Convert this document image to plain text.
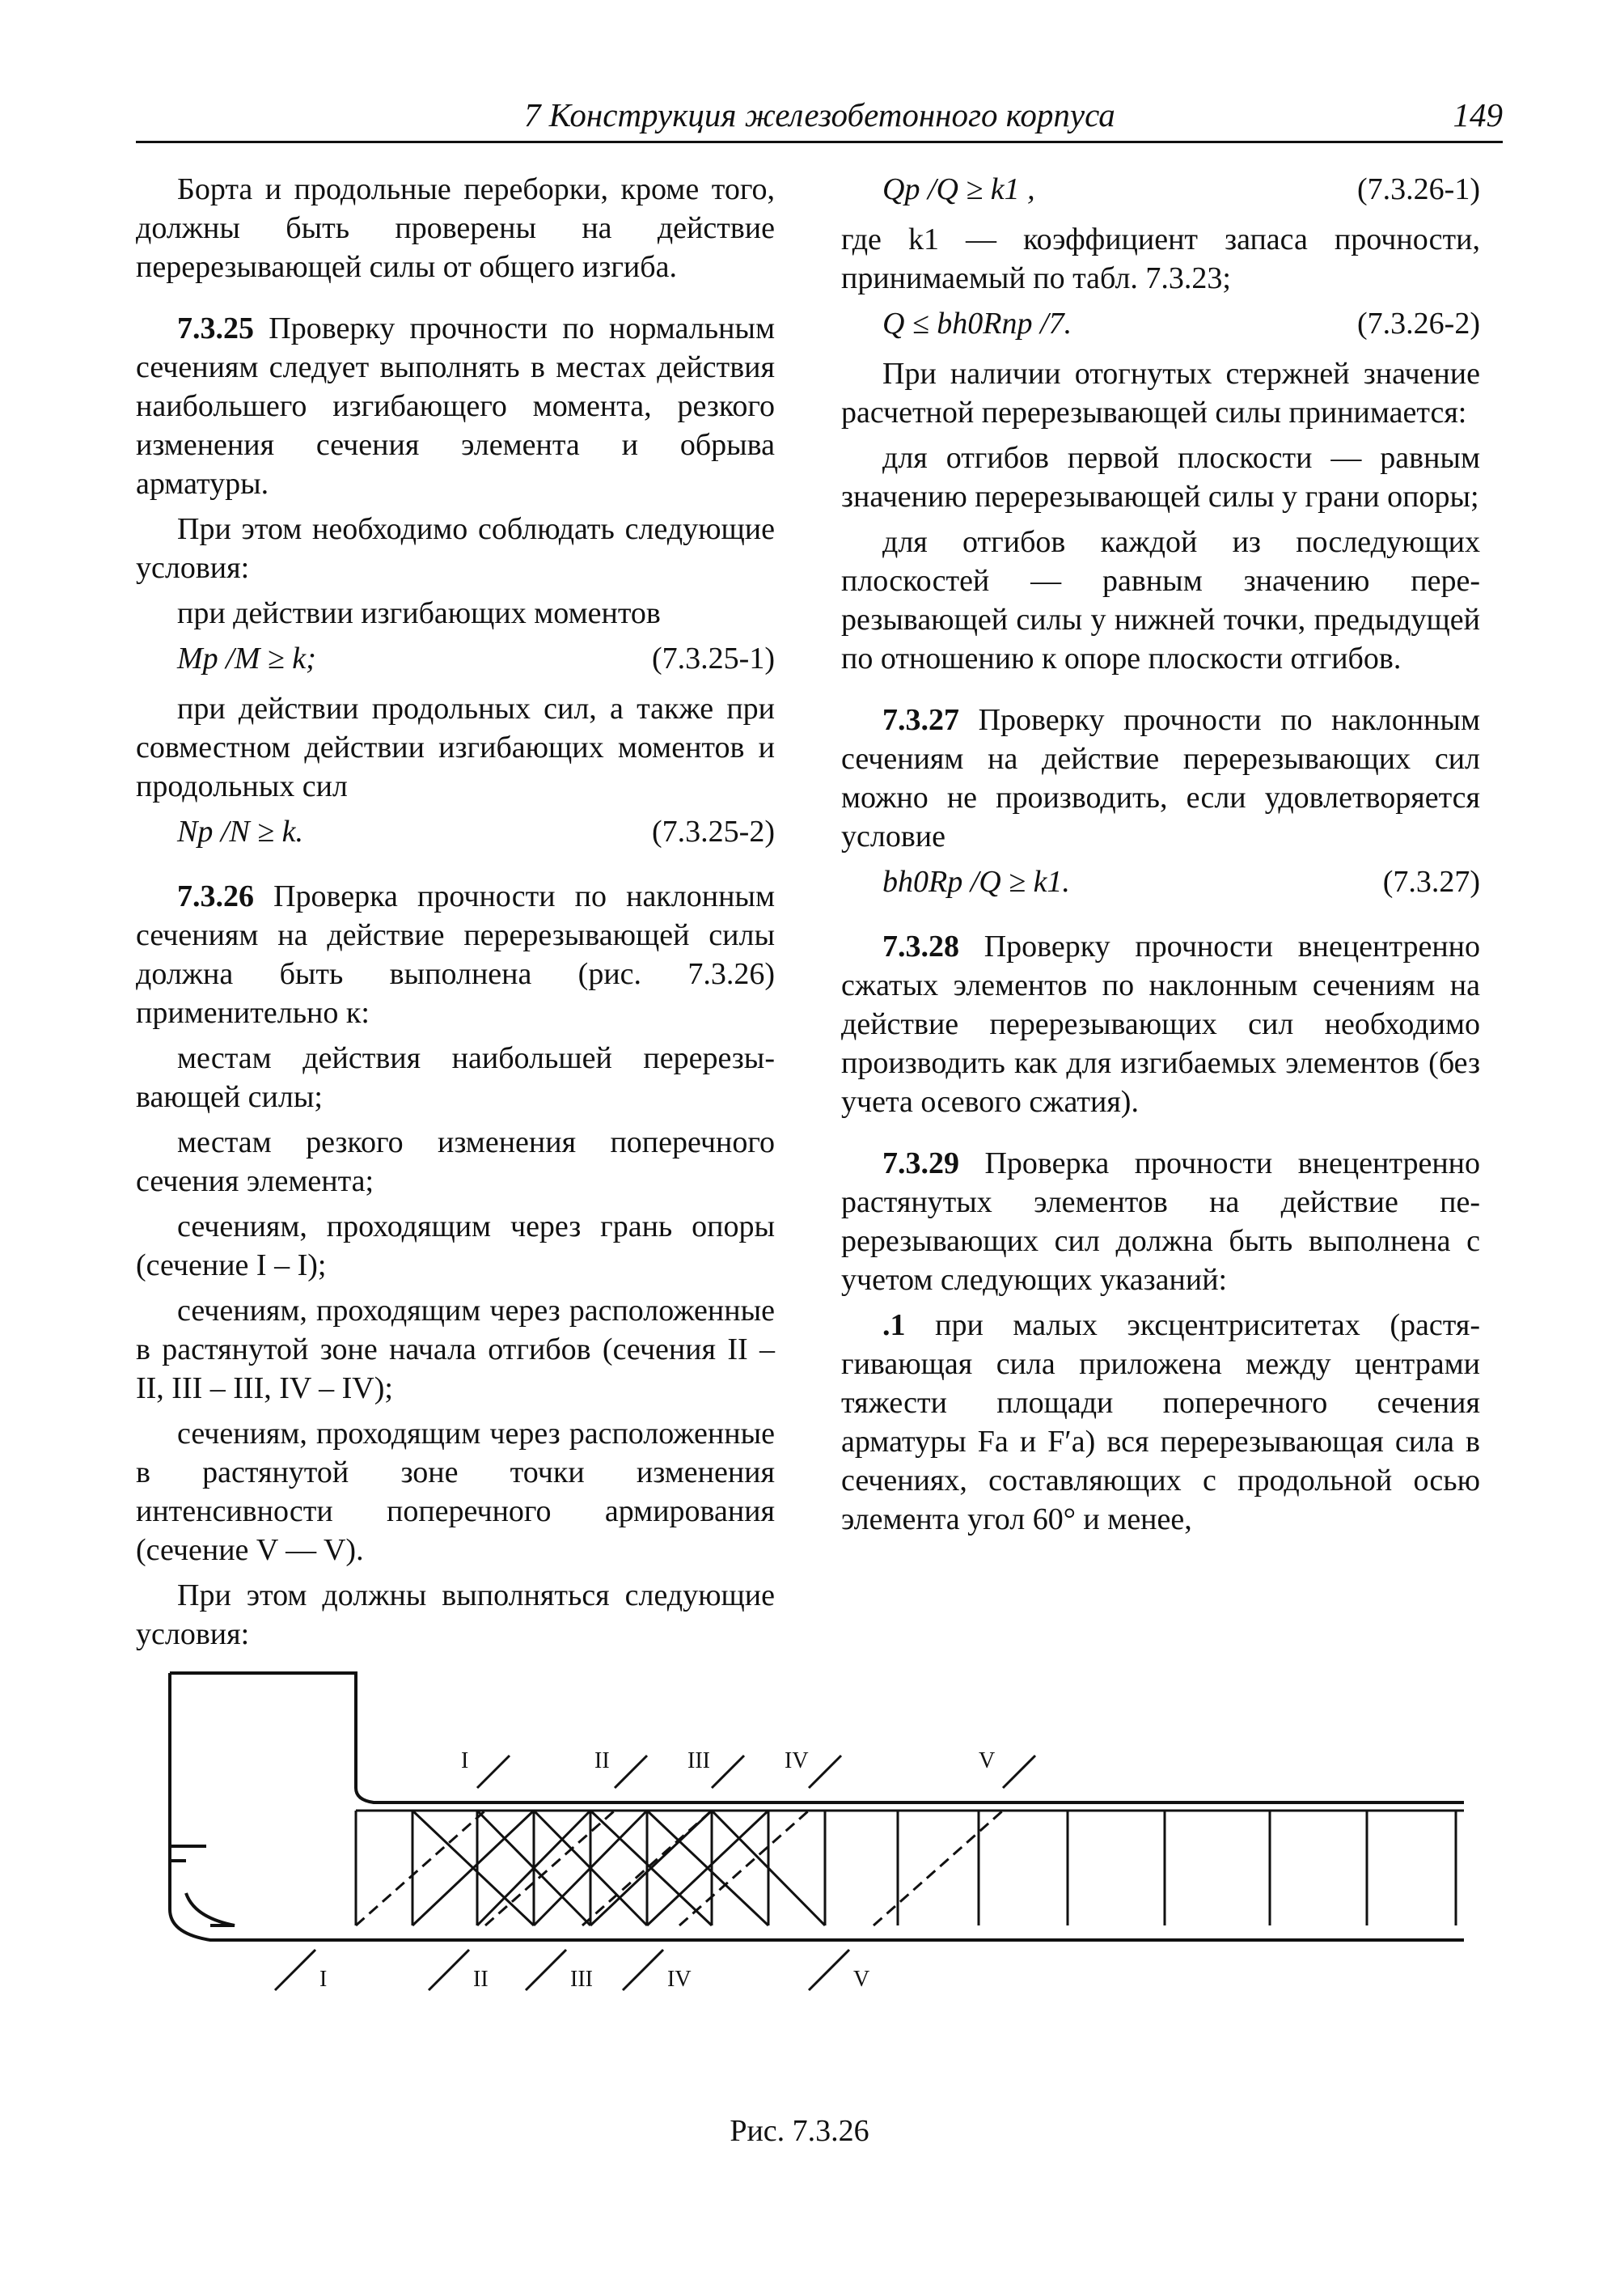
7 Конструкция железобетонного корпуса	149

Борта и продольные переборки, кроме того, должны быть проверены на действие перерезывающей силы от общего изгиба.

7.3.25 Проверку прочности по нормальным сечениям следует выполнять в местах действия наибольшего изгибающего момента, резкого изменения сечения элемента и обрыва арматуры.

При этом необходимо соблюдать следующие условия:

при действии изгибающих моментов

Mр /M ≥ k;	(7.3.25-1)

при действии продольных сил, а также при совместном действии изгибающих моментов и продольных сил

Nр /N ≥ k.	(7.3.25-2)

7.3.26 Проверка прочности по наклонным сечениям на действие перерезывающей силы должна быть выполнена (рис. 7.3.26) применительно к:

местам действия наибольшей перерезывающей силы;

местам резкого изменения поперечного сечения элемента;

сечениям, проходящим через грань опоры (сечение I – I);

сечениям, проходящим через расположенные в растянутой зоне начала отгибов (сечения II – II, III – III, IV – IV);

сечениям, проходящим через расположенные в растянутой зоне точки изменения интенсивности поперечного армирования (сечение V — V).

При этом должны выполняться следующие условия:

Qр /Q ≥ k1 ,	(7.3.26-1)

где k1 — коэффициент запаса прочности, принимаемый по табл. 7.3.23;

Q ≤ bh0Rпр /7.	(7.3.26-2)

При наличии отогнутых стержней значение расчетной перерезывающей силы принимается:

для отгибов первой плоскости — равным значению перерезывающей силы у грани опоры;

для отгибов каждой из последующих плоскостей — равным значению перерезывающей силы у нижней точки, предыдущей по отношению к опоре плоскости отгибов.

7.3.27 Проверку прочности по наклонным сечениям на действие перерезывающих сил можно не производить, если удовлетворяется условие

bh0Rр /Q ≥ k1.	(7.3.27)

7.3.28 Проверку прочности внецентренно сжатых элементов по наклонным сечениям на действие перерезывающих сил необходимо производить как для изгибаемых элементов (без учета осевого сжатия).

7.3.29 Проверка прочности внецентренно растянутых элементов на действие перерезывающих сил должна быть выполнена с учетом следующих указаний:

.1 при малых эксцентриситетах (растягивающая сила приложена между центрами тяжести площади поперечного сечения арматуры Fа и F′а) вся перерезывающая сила в сечениях, составляющих с продольной осью элемента угол 60° и менее,

I	II	III	IV	V
I	II	III	IV	V
Рис. 7.3.26
